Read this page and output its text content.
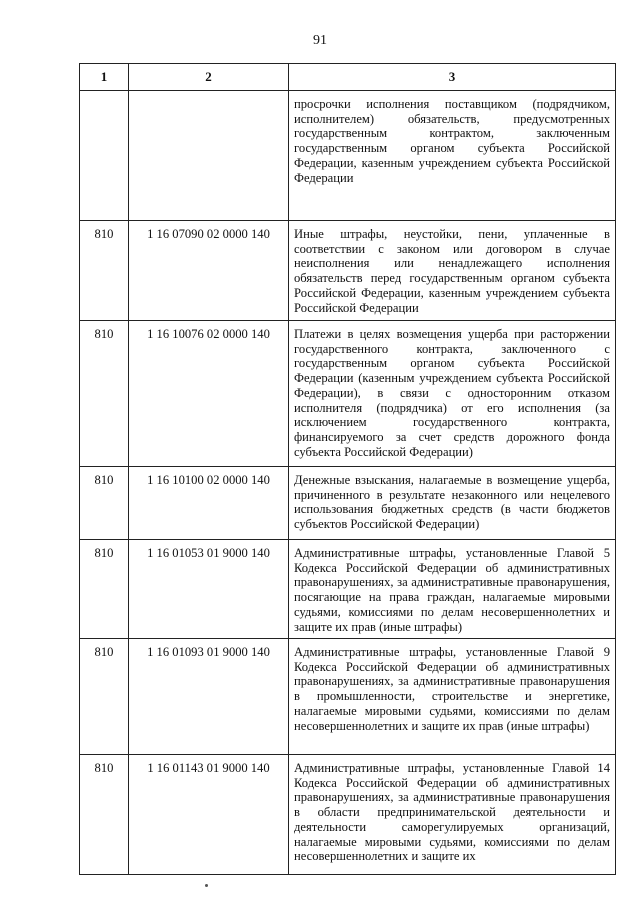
91
1	2	3
		просрочки исполнения поставщиком (подрядчиком, исполнителем) обязательств, предусмотренных государственным контрактом, заключенным государственным органом субъекта Российской Федерации, казенным учреждением субъекта Российской Федерации
810	1 16 07090 02 0000 140	Иные штрафы, неустойки, пени, уплаченные в соответствии с законом или договором в случае неисполнения или ненадлежащего исполнения обязательств перед государственным органом субъекта Российской Федерации, казенным учреждением субъекта Российской Федерации
810	1 16 10076 02 0000 140	Платежи в целях возмещения ущерба при расторжении государственного контракта, заключенного с государственным органом субъекта Российской Федерации (казенным учреждением субъекта Российской Федерации), в связи с односторонним отказом исполнителя (подрядчика) от его исполнения (за исключением государственного контракта, финансируемого за счет средств дорожного фонда субъекта Российской Федерации)
810	1 16 10100 02 0000 140	Денежные взыскания, налагаемые в возмещение ущерба, причиненного в результате незаконного или нецелевого использования бюджетных средств (в части бюджетов субъектов Российской Федерации)
810	1 16 01053 01 9000 140	Административные штрафы, установленные Главой 5 Кодекса Российской Федерации об административных правонарушениях, за административные правонарушения, посягающие на права граждан, налагаемые мировыми судьями, комиссиями по делам несовершеннолетних и защите их прав (иные штрафы)
810	1 16 01093 01 9000 140	Административные штрафы, установленные Главой 9 Кодекса Российской Федерации об административных правонарушениях, за административные правонарушения в промышленности, строительстве и энергетике, налагаемые мировыми судьями, комиссиями по делам несовершеннолетних и защите их прав (иные штрафы)
810	1 16 01143 01 9000 140	Административные штрафы, установленные Главой 14 Кодекса Российской Федерации об административных правонарушениях, за административные правонарушения в области предпринимательской деятельности и деятельности саморегулируемых организаций, налагаемые мировыми судьями, комиссиями по делам несовершеннолетних и защите их
